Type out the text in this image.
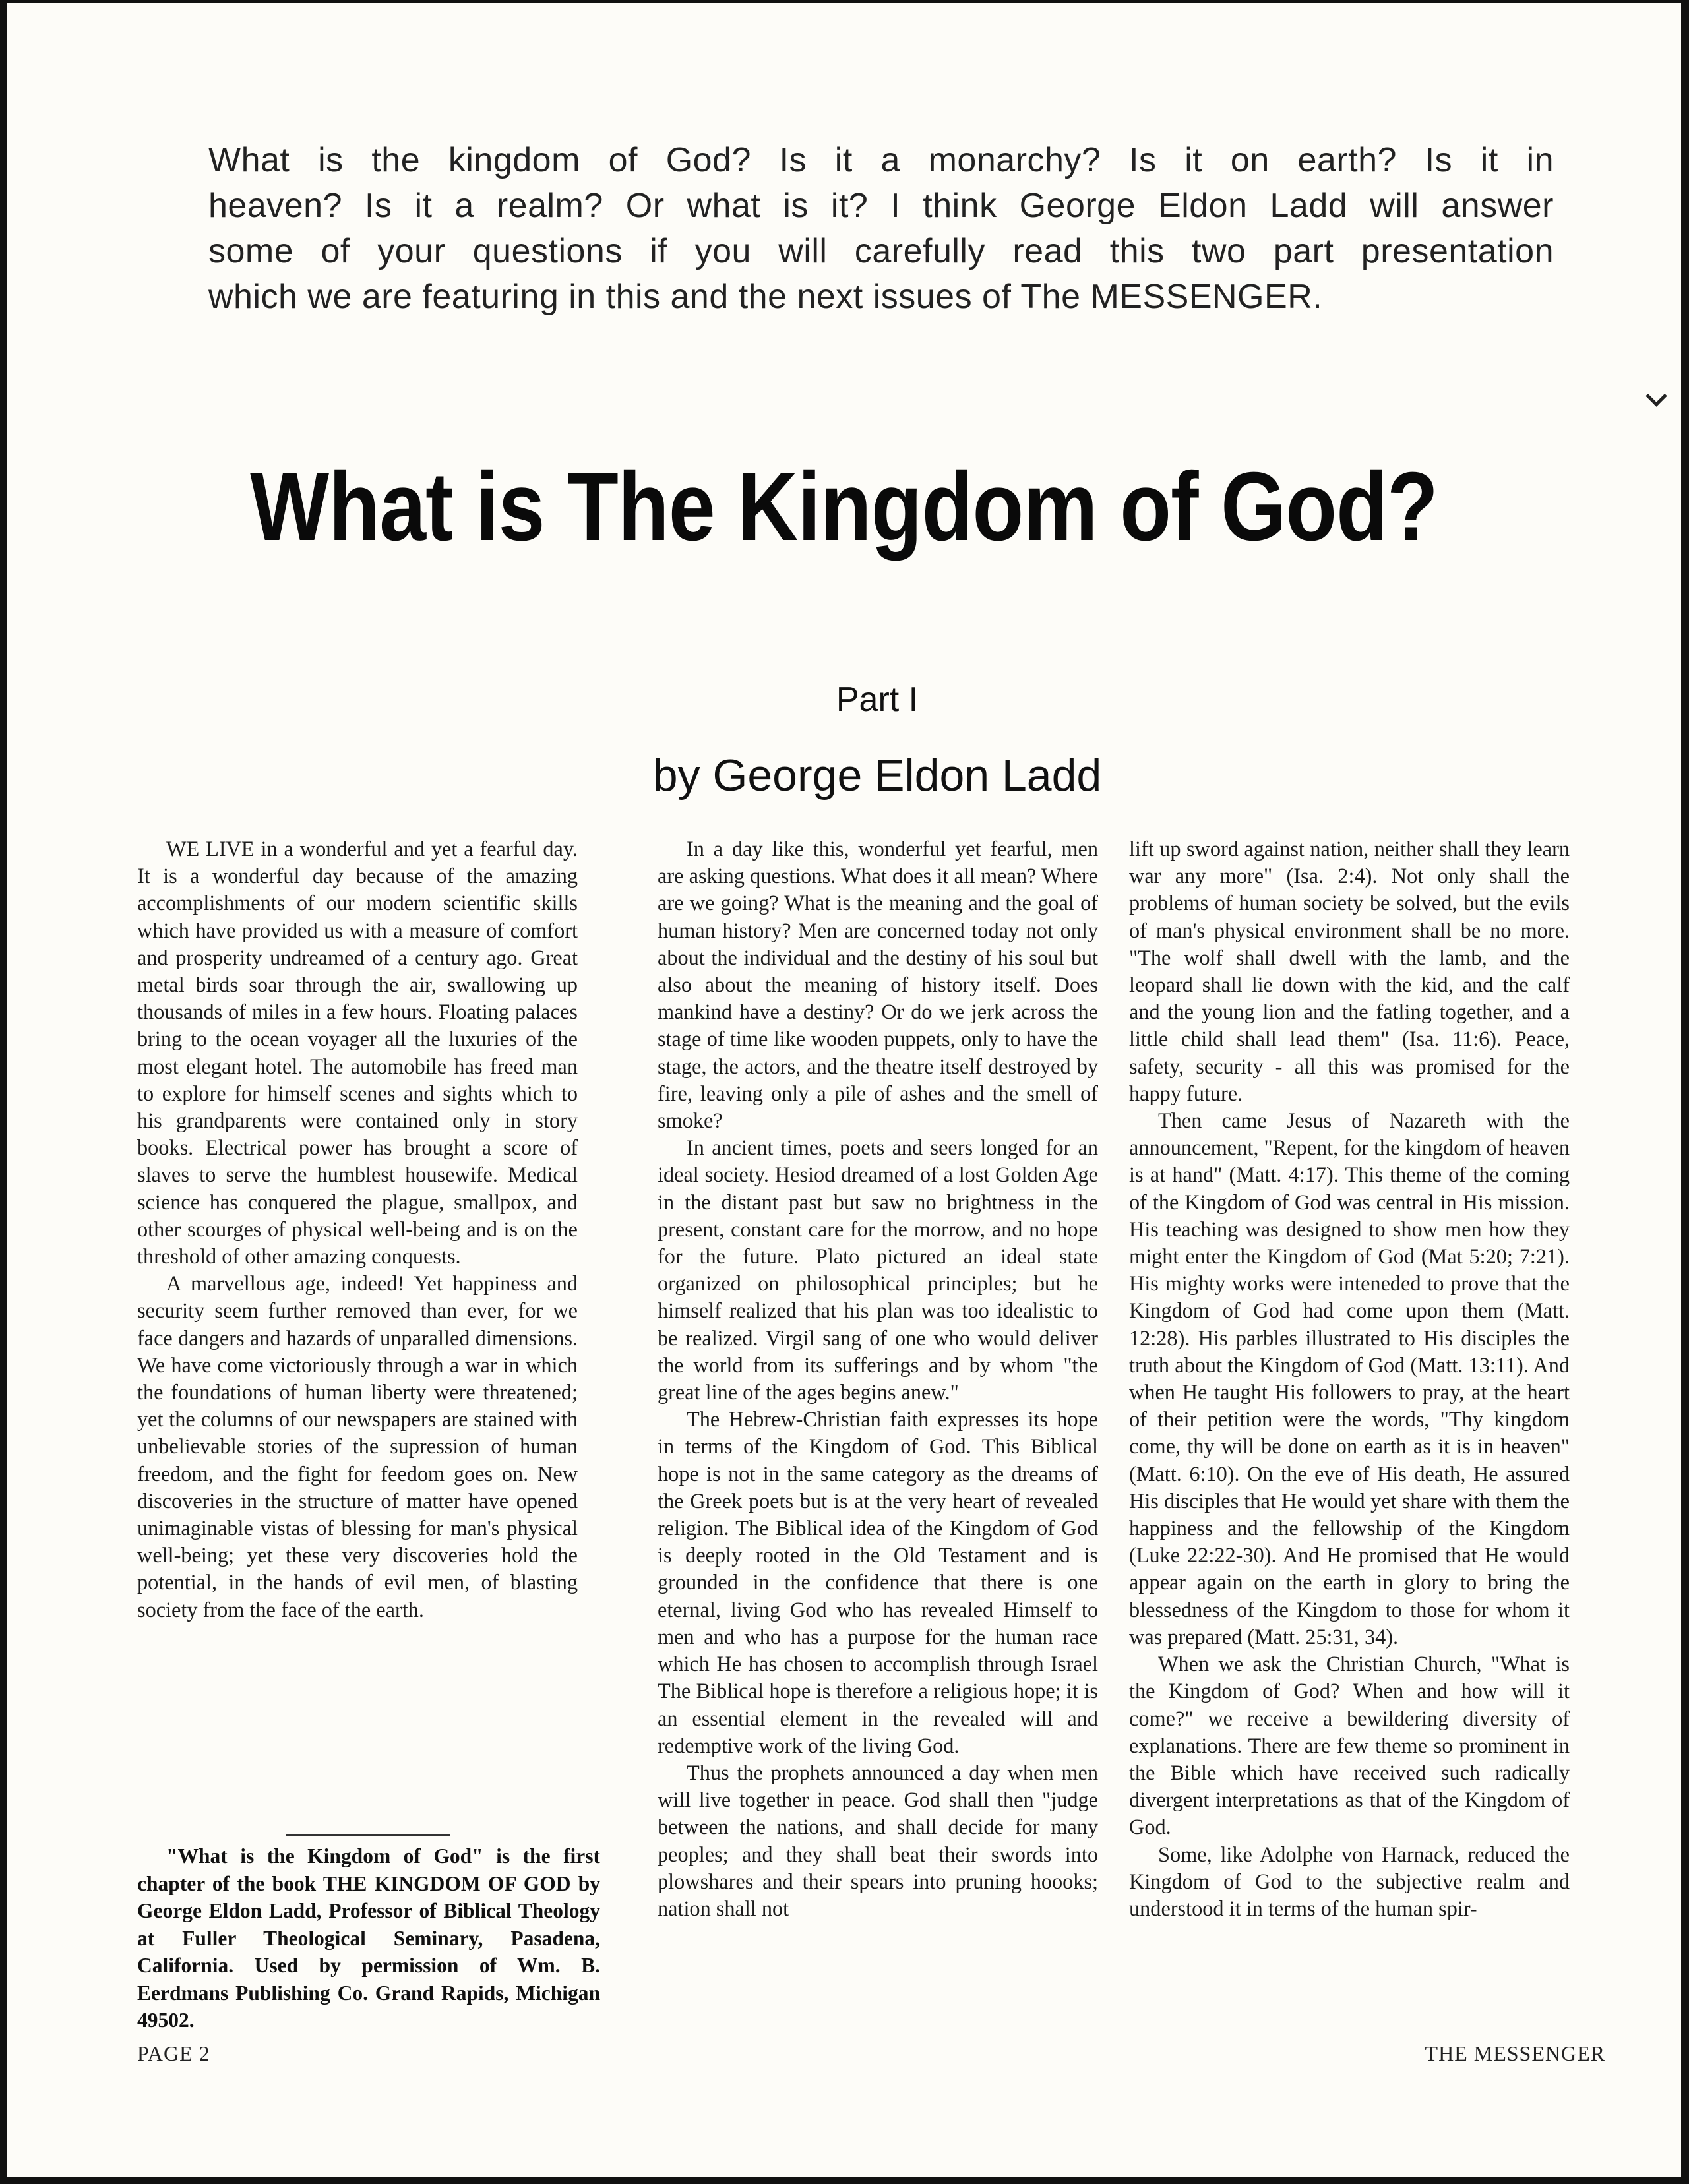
What is the kingdom of God? Is it a monarchy? Is it on earth? Is it in
heaven? Is it a realm? Or what is it? I think George Eldon Ladd will answer
some of your questions if you will carefully read this two part presentation
which we are featuring in this and the next issues of The MESSENGER.
What is The Kingdom of God?
Part I
by George Eldon Ladd

WE LIVE in a wonderful and yet a fearful day. It is a wonderful day because of the amazing accomplishments of our modern scientific skills which have provided us with a measure of comfort and prosperity undreamed of a century ago. Great metal birds soar through the air, swallowing up thousands of miles in a few hours. Floating palaces bring to the ocean voyager all the luxuries of the most elegant hotel. The automobile has freed man to explore for himself scenes and sights which to his grandparents were contained only in story books. Electrical power has brought a score of slaves to serve the humblest housewife. Medical science has conquered the plague, smallpox, and other scourges of physical well-being and is on the threshold of other amazing conquests.

A marvellous age, indeed! Yet happiness and security seem further removed than ever, for we face dangers and hazards of unparalled dimensions. We have come victoriously through a war in which the foundations of human liberty were threatened; yet the columns of our newspapers are stained with unbelievable stories of the supression of human freedom, and the fight for feedom goes on. New discoveries in the structure of matter have opened unimaginable vistas of blessing for man's physical well-being; yet these very discoveries hold the potential, in the hands of evil men, of blasting society from the face of the earth.

In a day like this, wonderful yet fearful, men are asking questions. What does it all mean? Where are we going? What is the meaning and the goal of human history? Men are concerned today not only about the individual and the destiny of his soul but also about the meaning of history itself. Does mankind have a destiny? Or do we jerk across the stage of time like wooden puppets, only to have the stage, the actors, and the theatre itself destroyed by fire, leaving only a pile of ashes and the smell of smoke?

In ancient times, poets and seers longed for an ideal society. Hesiod dreamed of a lost Golden Age in the distant past but saw no brightness in the present, constant care for the morrow, and no hope for the future. Plato pictured an ideal state organized on philosophical principles; but he himself realized that his plan was too idealistic to be realized. Virgil sang of one who would deliver the world from its sufferings and by whom "the great line of the ages begins anew."

The Hebrew-Christian faith expresses its hope in terms of the Kingdom of God. This Biblical hope is not in the same category as the dreams of the Greek poets but is at the very heart of revealed religion. The Biblical idea of the Kingdom of God is deeply rooted in the Old Testament and is grounded in the confidence that there is one eternal, living God who has revealed Himself to men and who has a purpose for the human race which He has chosen to accomplish through Israel The Biblical hope is therefore a religious hope; it is an essential element in the revealed will and redemptive work of the living God.

Thus the prophets announced a day when men will live together in peace. God shall then "judge between the nations, and shall decide for many peoples; and they shall beat their swords into plowshares and their spears into pruning hoooks; nation shall not

lift up sword against nation, neither shall they learn war any more" (Isa. 2:4). Not only shall the problems of human society be solved, but the evils of man's physical environment shall be no more. "The wolf shall dwell with the lamb, and the leopard shall lie down with the kid, and the calf and the young lion and the fatling together, and a little child shall lead them" (Isa. 11:6). Peace, safety, security - all this was promised for the happy future.

Then came Jesus of Nazareth with the announcement, "Repent, for the kingdom of heaven is at hand" (Matt. 4:17). This theme of the coming of the Kingdom of God was central in His mission. His teaching was designed to show men how they might enter the Kingdom of God (Mat 5:20; 7:21). His mighty works were inteneded to prove that the Kingdom of God had come upon them (Matt. 12:28). His parbles illustrated to His disciples the truth about the Kingdom of God (Matt. 13:11). And when He taught His followers to pray, at the heart of their petition were the words, "Thy kingdom come, thy will be done on earth as it is in heaven" (Matt. 6:10). On the eve of His death, He assured His disciples that He would yet share with them the happiness and the fellowship of the Kingdom (Luke 22:22-30). And He promised that He would appear again on the earth in glory to bring the blessedness of the Kingdom to those for whom it was prepared (Matt. 25:31, 34).

When we ask the Christian Church, "What is the Kingdom of God? When and how will it come?" we receive a bewildering diversity of explanations. There are few theme so prominent in the Bible which have received such radically divergent interpretations as that of the Kingdom of God.

Some, like Adolphe von Harnack, reduced the Kingdom of God to the subjective realm and understood it in terms of the human spir-

"What is the Kingdom of God" is the first chapter of the book THE KINGDOM OF GOD by George Eldon Ladd, Professor of Biblical Theology at Fuller Theological Seminary, Pasadena, California. Used by permission of Wm. B. Eerdmans Publishing Co. Grand Rapids, Michigan 49502.

PAGE 2	THE MESSENGER
